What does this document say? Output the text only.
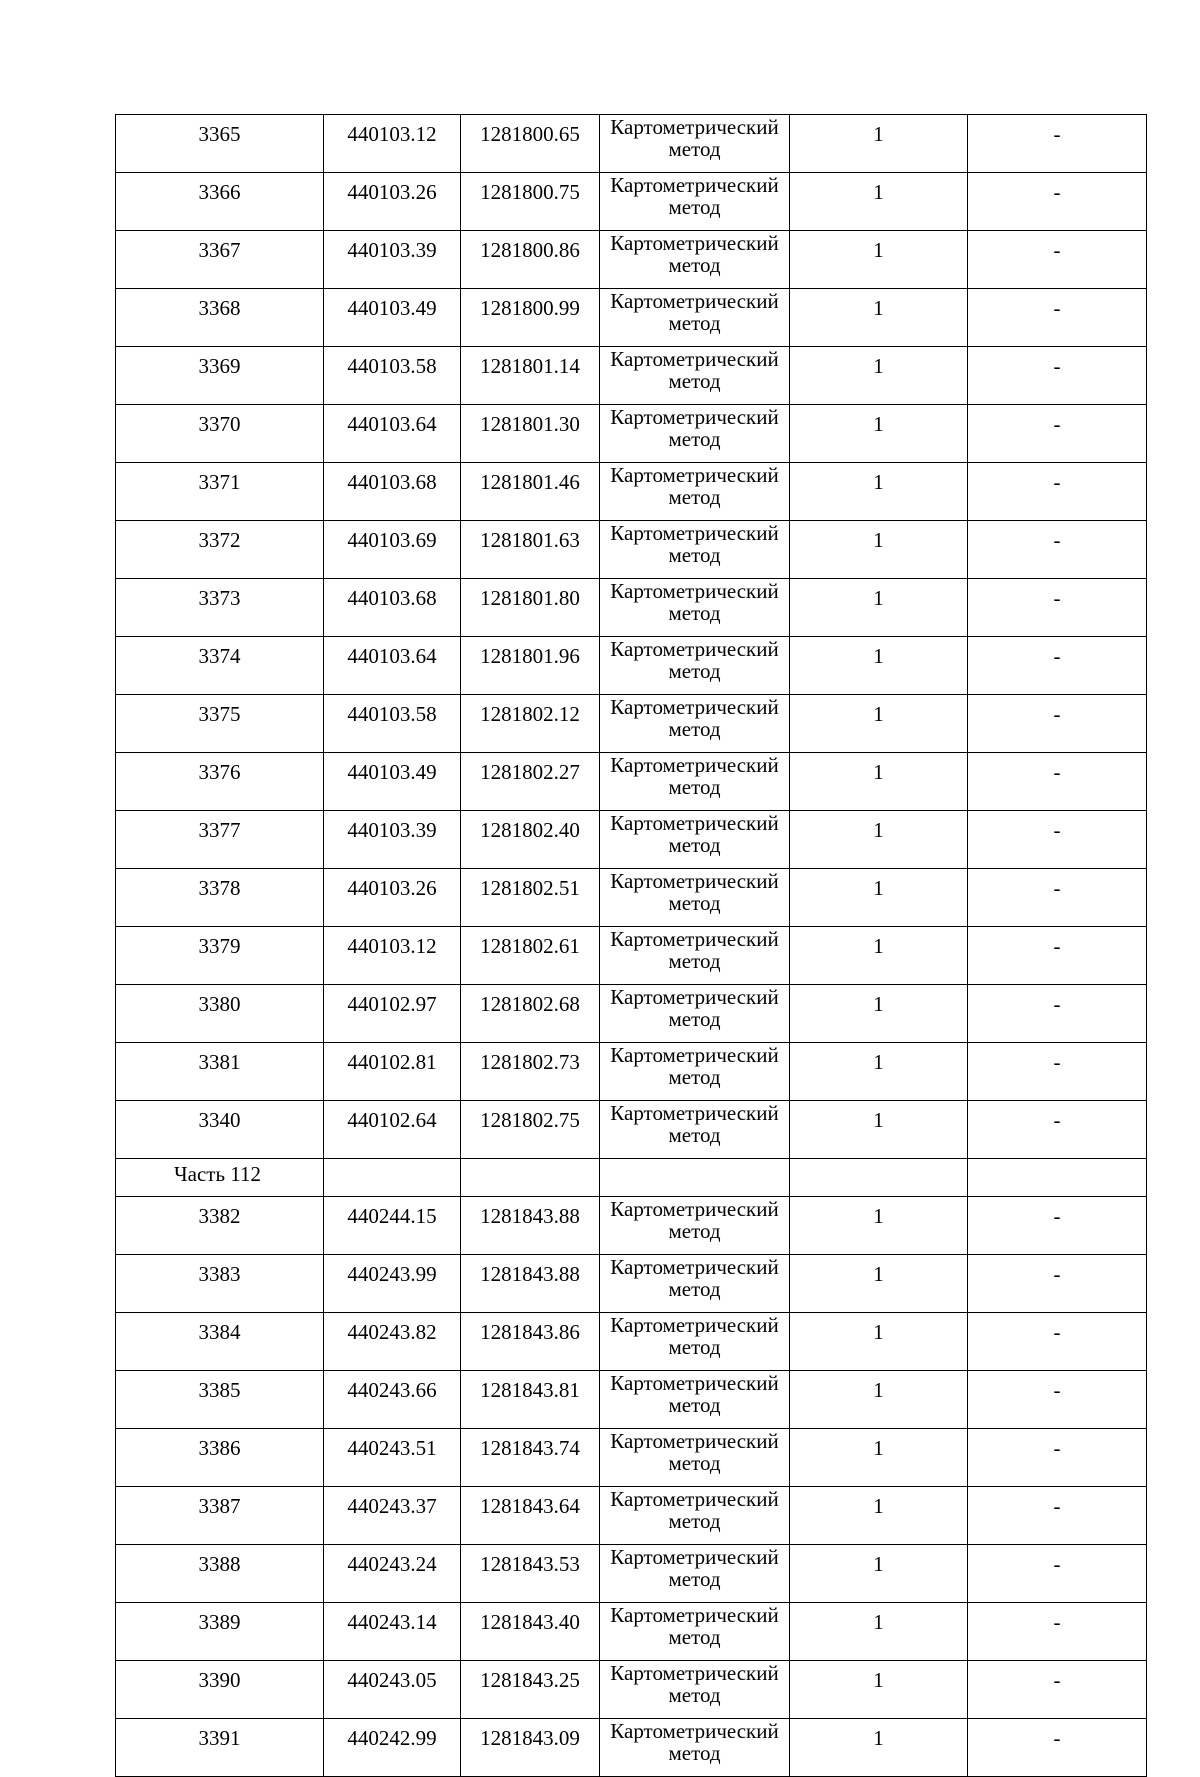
3365	440103.12	1281800.65	Картометрический метод	1	-
3366	440103.26	1281800.75	Картометрический метод	1	-
3367	440103.39	1281800.86	Картометрический метод	1	-
3368	440103.49	1281800.99	Картометрический метод	1	-
3369	440103.58	1281801.14	Картометрический метод	1	-
3370	440103.64	1281801.30	Картометрический метод	1	-
3371	440103.68	1281801.46	Картометрический метод	1	-
3372	440103.69	1281801.63	Картометрический метод	1	-
3373	440103.68	1281801.80	Картометрический метод	1	-
3374	440103.64	1281801.96	Картометрический метод	1	-
3375	440103.58	1281802.12	Картометрический метод	1	-
3376	440103.49	1281802.27	Картометрический метод	1	-
3377	440103.39	1281802.40	Картометрический метод	1	-
3378	440103.26	1281802.51	Картометрический метод	1	-
3379	440103.12	1281802.61	Картометрический метод	1	-
3380	440102.97	1281802.68	Картометрический метод	1	-
3381	440102.81	1281802.73	Картометрический метод	1	-
3340	440102.64	1281802.75	Картометрический метод	1	-
Часть 112					
3382	440244.15	1281843.88	Картометрический метод	1	-
3383	440243.99	1281843.88	Картометрический метод	1	-
3384	440243.82	1281843.86	Картометрический метод	1	-
3385	440243.66	1281843.81	Картометрический метод	1	-
3386	440243.51	1281843.74	Картометрический метод	1	-
3387	440243.37	1281843.64	Картометрический метод	1	-
3388	440243.24	1281843.53	Картометрический метод	1	-
3389	440243.14	1281843.40	Картометрический метод	1	-
3390	440243.05	1281843.25	Картометрический метод	1	-
3391	440242.99	1281843.09	Картометрический метод	1	-
